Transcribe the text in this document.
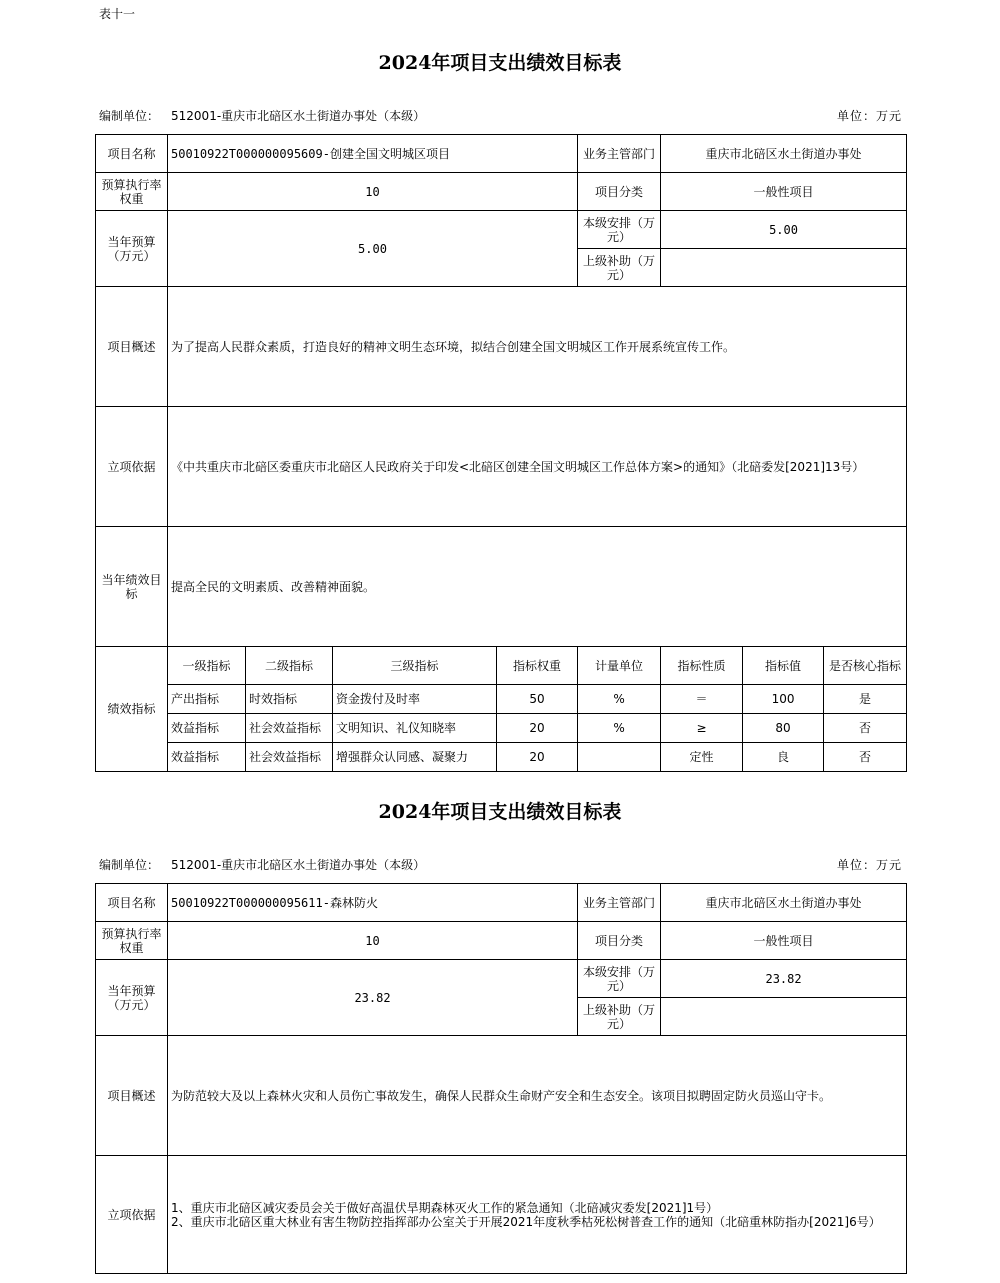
表十一
2024年项目支出绩效目标表
编制单位： 512001-重庆市北碚区水土街道办事处（本级）	单位：万元
项目名称	50010922T000000095609-创建全国文明城区项目				业务主管部门	重庆市北碚区水土街道办事处		
预算执行率权重	10				项目分类	一般性项目		
当年预算（万元）	5.00				本级安排（万元）	5.00		
					上级补助（万元）			
项目概述	为了提高人民群众素质，打造良好的精神文明生态环境，拟结合创建全国文明城区工作开展系统宣传工作。							
立项依据	《中共重庆市北碚区委重庆市北碚区人民政府关于印发<北碚区创建全国文明城区工作总体方案>的通知》（北碚委发[2021]13号）							
当年绩效目标	提高全民的文明素质、改善精神面貌。							
绩效指标	一级指标	二级指标	三级指标	指标权重	计量单位	指标性质	指标值	是否核心指标
	产出指标	时效指标	资金拨付及时率	50	%	＝	100	是
	效益指标	社会效益指标	文明知识、礼仪知晓率	20	%	≥	80	否
	效益指标	社会效益指标	增强群众认同感、凝聚力	20		定性	良	否
2024年项目支出绩效目标表
编制单位： 512001-重庆市北碚区水土街道办事处（本级）	单位：万元
项目名称	50010922T000000095611-森林防火	业务主管部门	重庆市北碚区水土街道办事处
预算执行率权重	10	项目分类	一般性项目
当年预算（万元）	23.82	本级安排（万元）	23.82
		上级补助（万元）	
项目概述	为防范较大及以上森林火灾和人员伤亡事故发生，确保人民群众生命财产安全和生态安全。该项目拟聘固定防火员巡山守卡。		
立项依据	1、重庆市北碚区减灾委员会关于做好高温伏旱期森林灭火工作的紧急通知（北碚减灾委发[2021]1号）
2、重庆市北碚区重大林业有害生物防控指挥部办公室关于开展2021年度秋季枯死松树普查工作的通知（北碚重林防指办[2021]6号）		
